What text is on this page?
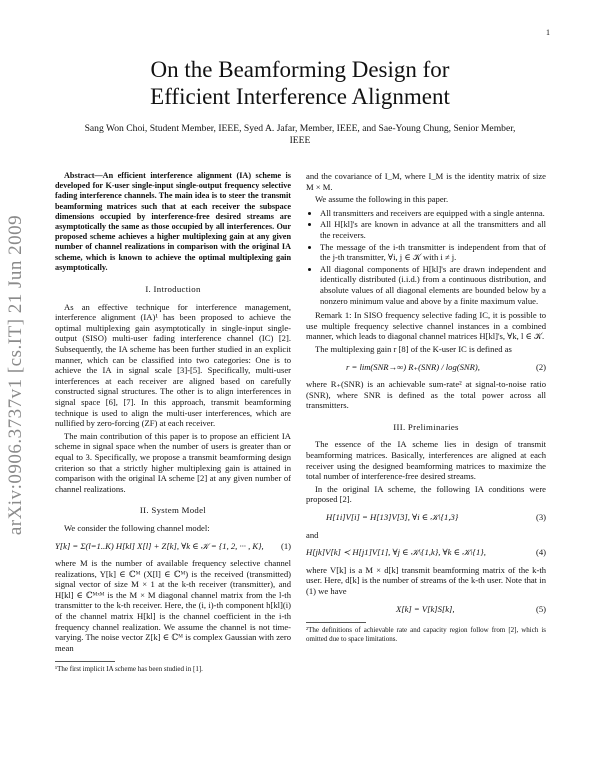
1
arXiv:0906.3737v1 [cs.IT] 21 Jun 2009
On the Beamforming Design for
Efficient Interference Alignment
Sang Won Choi, Student Member, IEEE, Syed A. Jafar, Member, IEEE, and Sae-Young Chung, Senior Member, IEEE

Abstract—An efficient interference alignment (IA) scheme is developed for K-user single-input single-output frequency selective fading interference channels. The main idea is to steer the transmit beamforming matrices such that at each receiver the subspace dimensions occupied by interference-free desired streams are asymptotically the same as those occupied by all interferences. Our proposed scheme achieves a higher multiplexing gain at any given number of channel realizations in comparison with the original IA scheme, which is known to achieve the optimal multiplexing gain asymptotically.

I. Introduction

As an effective technique for interference management, interference alignment (IA)¹ has been proposed to achieve the optimal multiplexing gain asymptotically in single-input single-output (SISO) multi-user fading interference channel (IC) [2]. Subsequently, the IA scheme has been further studied in an explicit manner, which can be classified into two categories: One is to achieve the IA in signal scale [3]-[5]. Specifically, multi-user interferences at each receiver are aligned based on carefully constructed signal structures. The other is to align interferences in signal space [6], [7]. In this approach, transmit beamforming technique is used to align the multi-user interferences, which are nullified by zero-forcing (ZF) at each receiver.

The main contribution of this paper is to propose an efficient IA scheme in signal space when the number of users is greater than or equal to 3. Specifically, we propose a transmit beamforming design criterion so that a strictly higher multiplexing gain is attained in comparison with the original IA scheme [2] at any given number of channel realizations.

II. System Model

We consider the following channel model:

Y[k] = Σ(l=1..K) H[kl] X[l] + Z[k], ∀k ∈ 𝒦 = {1, 2, ··· , K}, (1)

where M is the number of available frequency selective channel realizations, Y[k] ∈ ℂᴹ (X[l] ∈ ℂᴹ) is the received (transmitted) signal vector of size M × 1 at the k-th receiver (transmitter), and H[kl] ∈ ℂᴹˣᴹ is the M × M diagonal channel matrix from the l-th transmitter to the k-th receiver. Here, the (i, i)-th component h[kl](i) of the channel matrix H[kl] is the channel coefficient in the i-th frequency channel realization. We assume the channel is not time-varying. The noise vector Z[k] ∈ ℂᴹ is complex Gaussian with zero mean

¹The first implicit IA scheme has been studied in [1].

and the covariance of I_M, where I_M is the identity matrix of size M × M.

We assume the following in this paper.

• All transmitters and receivers are equipped with a single antenna.
• All H[kl]'s are known in advance at all the transmitters and all the receivers.
• The message of the i-th transmitter is independent from that of the j-th transmitter, ∀i, j ∈ 𝒦 with i ≠ j.
• All diagonal components of H[kl]'s are drawn independent and identically distributed (i.i.d.) from a continuous distribution, and absolute values of all diagonal elements are bounded below by a nonzero minimum value and above by a finite maximum value.

Remark 1: In SISO frequency selective fading IC, it is possible to use multiple frequency selective channel instances in a combined manner, which leads to diagonal channel matrices H[kl]'s, ∀k, l ∈ 𝒦.

The multiplexing gain r [8] of the K-user IC is defined as

r = lim(SNR→∞) R₊(SNR) / log(SNR),	(2)

where R₊(SNR) is an achievable sum-rate² at signal-to-noise ratio (SNR), where SNR is defined as the total power across all transmitters.

III. Preliminaries

The essence of the IA scheme lies in design of transmit beamforming matrices. Basically, interferences are aligned at each receiver using the designed beamforming matrices to maximize the total number of interference-free desired streams.

In the original IA scheme, the following IA conditions were proposed [2].

H[1i]V[i] = H[13]V[3], ∀i ∈ 𝒦\{1,3}	(3)

and

H[jk]V[k] ≺ H[j1]V[1], ∀j ∈ 𝒦\{1,k}, ∀k ∈ 𝒦\{1},	(4)

where V[k] is a M × d[k] transmit beamforming matrix of the k-th user. Here, d[k] is the number of streams of the k-th user. Note that in (1) we have

X[k] = V[k]S[k],	(5)
²The definitions of achievable rate and capacity region follow from [2], which is omitted due to space limitations.
